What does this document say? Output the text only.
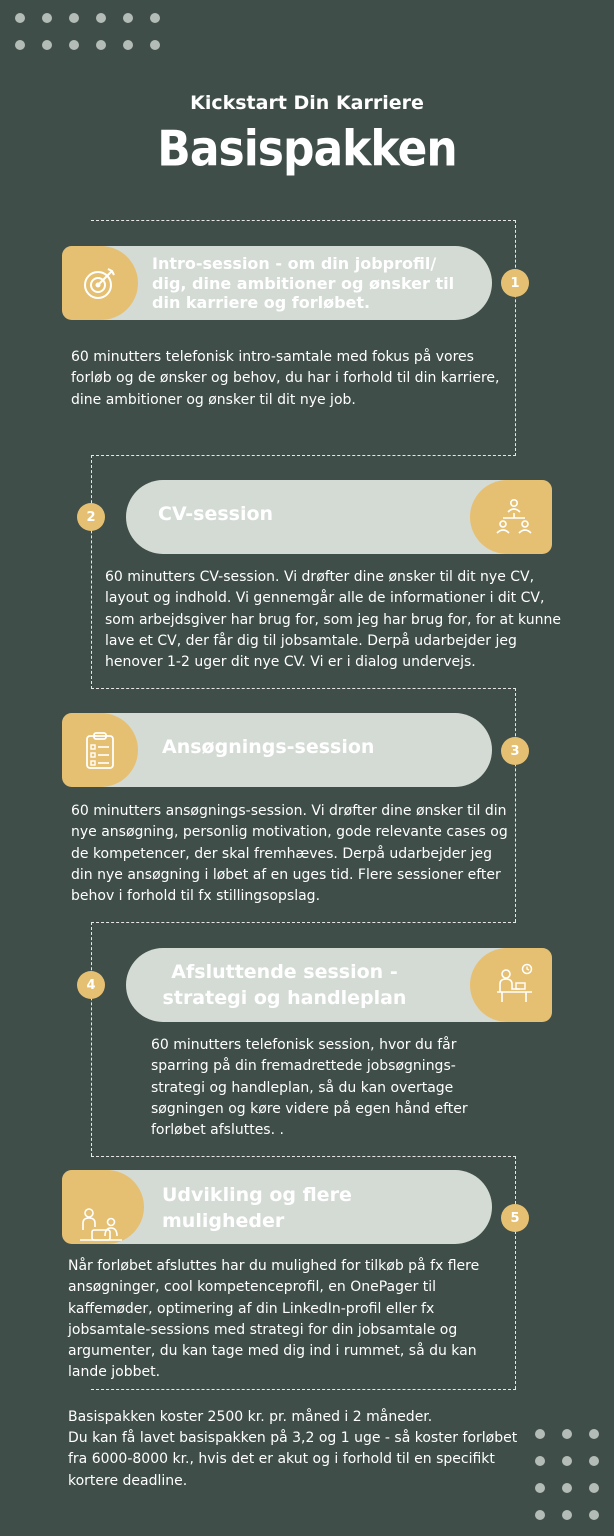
Kickstart Din Karriere
Basispakken
Intro-session - om din jobprofil/ dig, dine ambitioner og ønsker til din karriere og forløbet.
1
60 minutters telefonisk intro-samtale med fokus på vores forløb og de ønsker og behov, du har i forhold til din karriere, dine ambitioner og ønsker til dit nye job.
2	CV-session
60 minutters CV-session. Vi drøfter dine ønsker til dit nye CV, layout og indhold. Vi gennemgår alle de informationer i dit CV, som arbejdsgiver har brug for, som jeg har brug for, for at kunne lave et CV, der får dig til jobsamtale. Derpå udarbejder jeg henover 1-2 uger dit nye CV. Vi er i dialog undervejs.
Ansøgnings-session	3
60 minutters ansøgnings-session. Vi drøfter dine ønsker til din nye ansøgning, personlig motivation, gode relevante cases og de kompetencer, der skal fremhæves. Derpå udarbejder jeg din nye ansøgning i løbet af en uges tid. Flere sessioner efter behov i forhold til fx stillingsopslag.
4
Afsluttende session - strategi og handleplan
60 minutters telefonisk session, hvor du får sparring på din fremadrettede jobsøgnings-strategi og handleplan, så du kan overtage søgningen og køre videre på egen hånd efter forløbet afsluttes. .
Udvikling og flere muligheder	5
Når forløbet afsluttes har du mulighed for tilkøb på fx flere ansøgninger, cool kompetenceprofil, en OnePager til kaffemøder, optimering af din LinkedIn-profil eller fx jobsamtale-sessions med strategi for din jobsamtale og argumenter, du kan tage med dig ind i rummet, så du kan lande jobbet.
Basispakken koster 2500 kr. pr. måned i 2 måneder.
Du kan få lavet basispakken på 3,2 og 1 uge - så koster forløbet fra 6000-8000 kr., hvis det er akut og i forhold til en specifikt kortere deadline.
